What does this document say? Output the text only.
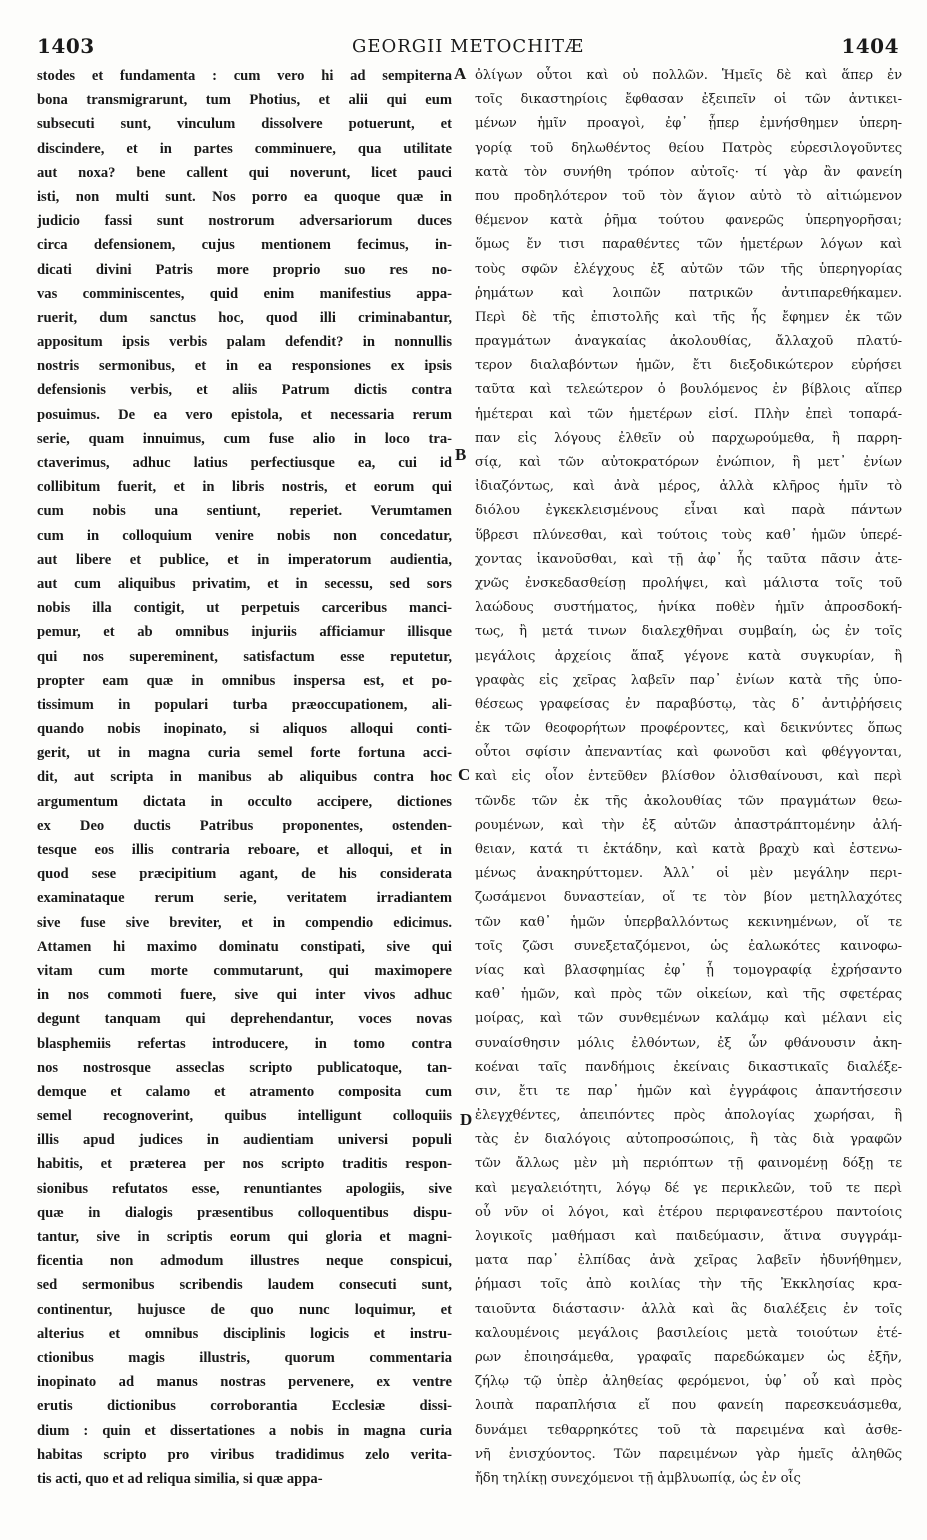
1403	GEORGII METOCHITÆ	1404
stodes et fundamenta : cum vero hi ad sempiterna
bona transmigrarunt, tum Photius, et alii qui eum
subsecuti sunt, vinculum dissolvere potuerunt, et
discindere, et in partes comminuere, qua utilitate
aut noxa? bene callent qui noverunt, licet pauci
isti, non multi sunt. Nos porro ea quoque quæ in
judicio fassi sunt nostrorum adversariorum duces
circa defensionem, cujus mentionem fecimus, in-
dicati divini Patris more proprio suo res no-
vas comminiscentes, quid enim manifestius appa-
ruerit, dum sanctus hoc, quod illi criminabantur,
appositum ipsis verbis palam defendit? in nonnullis
nostris sermonibus, et in ea responsiones ex ipsis
defensionis verbis, et aliis Patrum dictis contra
posuimus. De ea vero epistola, et necessaria rerum
serie, quam innuimus, cum fuse alio in loco tra-
ctaverimus, adhuc latius perfectiusque ea, cui id
collibitum fuerit, et in libris nostris, et eorum qui
cum nobis una sentiunt, reperiet. Verumtamen
cum in colloquium venire nobis non concedatur,
aut libere et publice, et in imperatorum audientia,
aut cum aliquibus privatim, et in secessu, sed sors
nobis illa contigit, ut perpetuis carceribus manci-
pemur, et ab omnibus injuriis afficiamur illisque
qui nos supereminent, satisfactum esse reputetur,
propter eam quæ in omnibus inspersa est, et po-
tissimum in populari turba præoccupationem, ali-
quando nobis inopinato, si aliquos alloqui conti-
gerit, ut in magna curia semel forte fortuna acci-
dit, aut scripta in manibus ab aliquibus contra hoc
argumentum dictata in occulto accipere, dictiones
ex Deo ductis Patribus proponentes, ostenden-
tesque eos illis contraria reboare, et alloqui, et in
quod sese præcipitium agant, de his considerata
examinataque rerum serie, veritatem irradiantem
sive fuse sive breviter, et in compendio edicimus.
Attamen hi maximo dominatu constipati, sive qui
vitam cum morte commutarunt, qui maximopere
in nos commoti fuere, sive qui inter vivos adhuc
degunt tanquam qui deprehendantur, voces novas
blasphemiis refertas introducere, in tomo contra
nos nostrosque asseclas scripto publicatoque, tan-
demque et calamo et atramento composita cum
semel recognoverint, quibus intelligunt colloquiis
illis apud judices in audientiam universi populi
habitis, et præterea per nos scripto traditis respon-
sionibus refutatos esse, renuntiantes apologiis, sive
quæ in dialogis præsentibus colloquentibus dispu-
tantur, sive in scriptis eorum qui gloria et magni-
ficentia non admodum illustres neque conspicui,
sed sermonibus scribendis laudem consecuti sunt,
continentur, hujusce de quo nunc loquimur, et
alterius et omnibus disciplinis logicis et instru-
ctionibus magis illustris, quorum commentaria
inopinato ad manus nostras pervenere, ex ventre
erutis dictionibus corroborantia Ecclesiæ dissi-
dium : quin et dissertationes a nobis in magna curia
habitas scripto pro viribus tradidimus zelo verita-
tis acti, quo et ad reliqua similia, si quæ appa-
ὀλίγων οὗτοι καὶ οὐ πολλῶν. Ἡμεῖς δὲ καὶ ἅπερ ἐν
τοῖς δικαστηρίοις ἔφθασαν ἐξειπεῖν οἱ τῶν ἀντικει-
μένων ἡμῖν προαγοὶ, ἐφ᾽ ᾗπερ ἐμνήσθημεν ὑπερη-
γορίᾳ τοῦ δηλωθέντος θείου Πατρὸς εὑρεσιλογοῦντες
κατὰ τὸν συνήθη τρόπον αὐτοῖς· τί γὰρ ἂν φανείη
που προδηλότερον τοῦ τὸν ἅγιον αὐτὸ τὸ αἰτιώμενον
θέμενον κατὰ ῥῆμα τούτου φανερῶς ὑπερηγορῆσαι;
ὅμως ἔν τισι παραθέντες τῶν ἡμετέρων λόγων καὶ
τοὺς σφῶν ἐλέγχους ἐξ αὐτῶν τῶν τῆς ὑπερηγορίας
ῥημάτων καὶ λοιπῶν πατρικῶν ἀντιπαρεθήκαμεν.
Περὶ δὲ τῆς ἐπιστολῆς καὶ τῆς ἧς ἔφημεν ἐκ τῶν
πραγμάτων ἀναγκαίας ἀκολουθίας, ἄλλαχοῦ πλατύ-
τερον διαλαβόντων ἡμῶν, ἔτι διεξοδικώτερον εὑρήσει
ταῦτα καὶ τελεώτερον ὁ βουλόμενος ἐν βίβλοις αἵπερ
ἡμέτεραι καὶ τῶν ἡμετέρων εἰσί. Πλὴν ἐπεὶ τοπαρά-
παν εἰς λόγους ἐλθεῖν οὐ παρχωρούμεθα, ἢ παρρη-
σίᾳ, καὶ τῶν αὐτοκρατόρων ἐνώπιον, ἢ μετ᾽ ἐνίων
ἰδιαζόντως, καὶ ἀνὰ μέρος, ἀλλὰ κλῆρος ἡμῖν τὸ
διόλου ἐγκεκλεισμένους εἶναι καὶ παρὰ πάντων
ὕβρεσι πλύνεσθαι, καὶ τούτοις τοὺς καθ᾽ ἡμῶν ὑπερέ-
χοντας ἱκανοῦσθαι, καὶ τῇ ἀφ᾽ ἧς ταῦτα πᾶσιν ἀτε-
χνῶς ἐνσκεδασθείσῃ προλήψει, καὶ μάλιστα τοῖς τοῦ
λαώδους συστήματος, ἡνίκα ποθὲν ἡμῖν ἀπροσδοκή-
τως, ἢ μετά τινων διαλεχθῆναι συμβαίη, ὡς ἐν τοῖς
μεγάλοις ἀρχείοις ἅπαξ γέγονε κατὰ συγκυρίαν, ἢ
γραφὰς εἰς χεῖρας λαβεῖν παρ᾽ ἐνίων κατὰ τῆς ὑπο-
θέσεως γραφείσας ἐν παραβύστῳ, τὰς δ᾽ ἀντιῤῥήσεις
ἐκ τῶν θεοφορήτων προφέροντες, καὶ δεικνύντες ὅπως
οὗτοι σφίσιν ἀπεναντίας καὶ φωνοῦσι καὶ φθέγγονται,
καὶ εἰς οἷον ἐντεῦθεν βλίσθον ὀλισθαίνουσι, καὶ περὶ
τῶνδε τῶν ἐκ τῆς ἀκολουθίας τῶν πραγμάτων θεω-
ρουμένων, καὶ τὴν ἐξ αὐτῶν ἀπαστράπτομένην ἀλή-
θειαν, κατά τι ἐκτάδην, καὶ κατὰ βραχὺ καὶ ἐστενω-
μένως ἀνακηρύττομεν. Ἀλλ᾽ οἱ μὲν μεγάλην περι-
ζωσάμενοι δυναστείαν, οἵ τε τὸν βίον μετηλλαχότες
τῶν καθ᾽ ἡμῶν ὑπερβαλλόντως κεκινημένων, οἵ τε
τοῖς ζῶσι συνεξεταζόμενοι, ὡς ἐαλωκότες καινοφω-
νίας καὶ βλασφημίας ἐφ᾽ ᾗ τομογραφίᾳ ἐχρήσαντο
καθ᾽ ἡμῶν, καὶ πρὸς τῶν οἰκείων, καὶ τῆς σφετέρας
μοίρας, καὶ τῶν συνθεμένων καλάμῳ καὶ μέλανι εἰς
συναίσθησιν μόλις ἐλθόντων, ἐξ ὧν φθάνουσιν ἀκη-
κοέναι ταῖς πανδήμοις ἐκείναις δικαστικαῖς διαλέξε-
σιν, ἔτι τε παρ᾽ ἡμῶν καὶ ἐγγράφοις ἀπαντήσεσιν
ἐλεγχθέντες, ἀπειπόντες πρὸς ἀπολογίας χωρήσαι, ἢ
τὰς ἐν διαλόγοις αὐτοπροσώποις, ἢ τὰς διὰ γραφῶν
τῶν ἄλλως μὲν μὴ περιόπτων τῇ φαινομένῃ δόξῃ τε
καὶ μεγαλειότητι, λόγῳ δέ γε περικλεῶν, τοῦ τε περὶ
οὗ νῦν οἱ λόγοι, καὶ ἑτέρου περιφανεστέρου παντοίοις
λογικοῖς μαθήμασι καὶ παιδεύμασιν, ἅτινα συγγράμ-
ματα παρ᾽ ἐλπίδας ἀνὰ χεῖρας λαβεῖν ἠδυνήθημεν,
ῥήμασι τοῖς ἀπὸ κοιλίας τὴν τῆς Ἐκκλησίας κρα-
ταιοῦντα διάστασιν· ἀλλὰ καὶ ἃς διαλέξεις ἐν τοῖς
καλουμένοις μεγάλοις βασιλείοις μετὰ τοιούτων ἑτέ-
ρων ἐποιησάμεθα, γραφαῖς παρεδώκαμεν ὡς ἐξῆν,
ζήλῳ τῷ ὑπὲρ ἀληθείας φερόμενοι, ὑφ᾽ οὗ καὶ πρὸς
λοιπὰ παραπλήσια εἴ που φανείη παρεσκευάσμεθα,
δυνάμει τεθαρρηκότες τοῦ τὰ παρειμένα καὶ ἀσθε-
νῆ ἐνισχύοντος. Τῶν παρειμένων γὰρ ἡμεῖς ἀληθῶς
ἤδη τηλίκῃ συνεχόμενοι τῇ ἀμβλυωπίᾳ, ὡς ἐν οἷς
A
B
C
D
